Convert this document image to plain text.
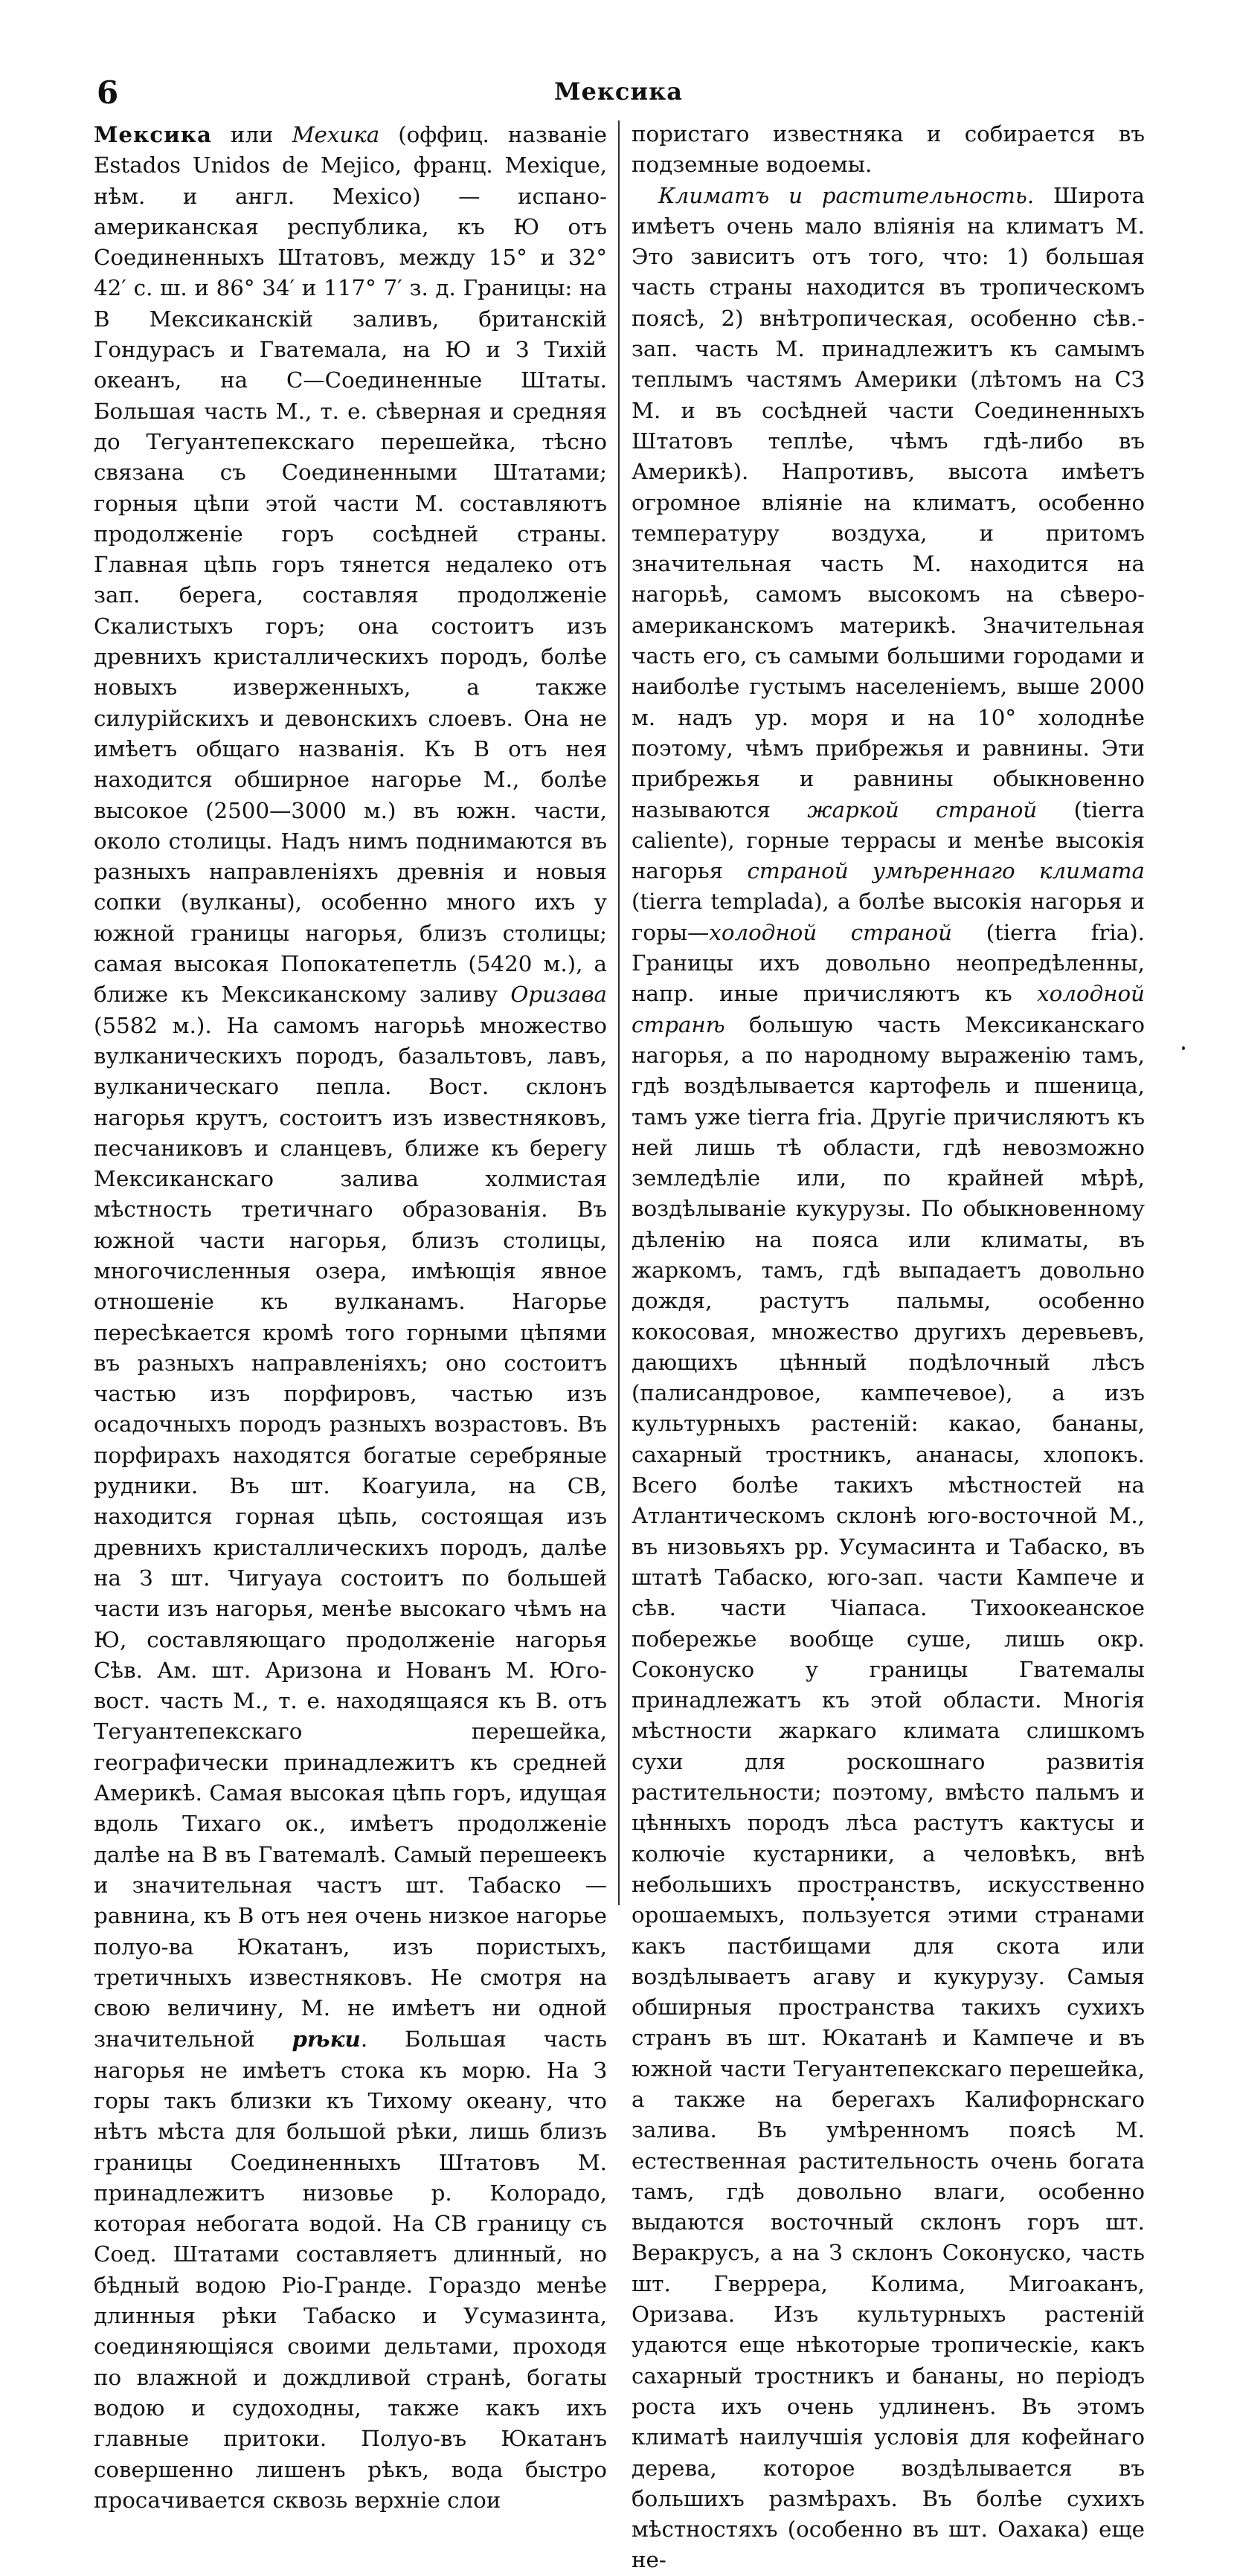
6	Мексика

Мексика или Мехика (оффиц. названіе Estados Unidos de Mejico, франц. Mexique, нѣм. и англ. Mexico) — испано-американская республика, къ Ю отъ Соединенныхъ Штатовъ, между 15° и 32° 42′ с. ш. и 86° 34′ и 117° 7′ з. д. Границы: на В Мексиканскій заливъ, британскій Гондурасъ и Гватемала, на Ю и З Тихій океанъ, на С—Соединенные Штаты. Большая часть М., т. е. сѣверная и средняя до Тегуантепекскаго перешейка, тѣсно связана съ Соединенными Штатами; горныя цѣпи этой части М. составляютъ продолженіе горъ сосѣдней страны. Главная цѣпь горъ тянется недалеко отъ зап. берега, составляя продолженіе Скалистыхъ горъ; она состоитъ изъ древнихъ кристаллическихъ породъ, болѣе новыхъ изверженныхъ, а также силурійскихъ и девонскихъ слоевъ. Она не имѣетъ общаго названія. Къ В отъ нея находится обширное нагорье М., болѣе высокое (2500—3000 м.) въ южн. части, около столицы. Надъ нимъ поднимаются въ разныхъ направленіяхъ древнія и новыя сопки (вулканы), особенно много ихъ у южной границы нагорья, близъ столицы; самая высокая Попокатепетль (5420 м.), а ближе къ Мексиканскому заливу Оризава (5582 м.). На самомъ нагорьѣ множество вулканическихъ породъ, базальтовъ, лавъ, вулканическаго пепла. Вост. склонъ нагорья крутъ, состоитъ изъ известняковъ, песчаниковъ и сланцевъ, ближе къ берегу Мексиканскаго залива холмистая мѣстность третичнаго образованія. Въ южной части нагорья, близъ столицы, многочисленныя озера, имѣющія явное отношеніе къ вулканамъ. Нагорье пересѣкается кромѣ того горными цѣпями въ разныхъ направленіяхъ; оно состоитъ частью изъ порфировъ, частью изъ осадочныхъ породъ разныхъ возрастовъ. Въ порфирахъ находятся богатые серебряные рудники. Въ шт. Коагуила, на СВ, находится горная цѣпь, состоящая изъ древнихъ кристаллическихъ породъ, далѣе на З шт. Чигуауа состоитъ по большей части изъ нагорья, менѣе высокаго чѣмъ на Ю, составляющаго продолженіе нагорья Сѣв. Ам. шт. Аризона и Нованъ М. Юго-вост. часть М., т. е. находящаяся къ В. отъ Тегуантепекскаго перешейка, географически принадлежитъ къ средней Америкѣ. Самая высокая цѣпь горъ, идущая вдоль Тихаго ок., имѣетъ продолженіе далѣе на В въ Гватемалѣ. Самый перешеекъ и значительная частъ шт. Табаско — равнина, къ В отъ нея очень низкое нагорье полуо-ва Юкатанъ, изъ пористыхъ, третичныхъ известняковъ. Не смотря на свою величину, М. не имѣетъ ни одной значительной рѣки. Большая часть нагорья не имѣетъ стока къ морю. На З горы такъ близки къ Тихому океану, что нѣтъ мѣста для большой рѣки, лишь близъ границы Соединенныхъ Штатовъ М. принадлежитъ низовье р. Колорадо, которая небогата водой. На СВ границу съ Соед. Штатами составляетъ длинный, но бѣдный водою Ріо-Гранде. Гораздо менѣе длинныя рѣки Табаско и Усумазинта, соединяющіяся своими дельтами, проходя по влажной и дождливой странѣ, богаты водою и судоходны, также какъ ихъ главные притоки. Полуо-въ Юкатанъ совершенно лишенъ рѣкъ, вода быстро просачивается сквозь верхніе слои

пористаго известняка и собирается въ подземные водоемы.

Климатъ и растительность. Широта имѣетъ очень мало вліянія на климатъ М. Это зависитъ отъ того, что: 1) большая часть страны находится въ тропическомъ поясѣ, 2) внѣтропическая, особенно сѣв.-зап. часть М. принадлежитъ къ самымъ теплымъ частямъ Америки (лѣтомъ на СЗ М. и въ сосѣдней части Соединенныхъ Штатовъ теплѣе, чѣмъ гдѣ-либо въ Америкѣ). Напротивъ, высота имѣетъ огромное вліяніе на климатъ, особенно температуру воздуха, и притомъ значительная часть М. находится на нагорьѣ, самомъ высокомъ на сѣверо-американскомъ материкѣ. Значительная часть его, съ самыми большими городами и наиболѣе густымъ населеніемъ, выше 2000 м. надъ ур. моря и на 10° холоднѣе поэтому, чѣмъ прибрежья и равнины. Эти прибрежья и равнины обыкновенно называются жаркой страной (tierra caliente), горные террасы и менѣе высокія нагорья страной умѣреннаго климата (tierra templada), а болѣе высокія нагорья и горы—холодной страной (tierra fria). Границы ихъ довольно неопредѣленны, напр. иные причисляютъ къ холодной странѣ большую часть Мексиканскаго нагорья, а по народному выраженію тамъ, гдѣ воздѣлывается картофель и пшеница, тамъ уже tierra fria. Другіе причисляютъ къ ней лишь тѣ области, гдѣ невозможно земледѣліе или, по крайней мѣрѣ, воздѣлываніе кукурузы. По обыкновенному дѣленію на пояса или климаты, въ жаркомъ, тамъ, гдѣ выпадаетъ довольно дождя, растутъ пальмы, особенно кокосовая, множество другихъ деревьевъ, дающихъ цѣнный подѣлочный лѣсъ (палисандровое, кампечевое), а изъ культурныхъ растеній: какао, бананы, сахарный тростникъ, ананасы, хлопокъ. Всего болѣе такихъ мѣстностей на Атлантическомъ склонѣ юго-восточной М., въ низовьяхъ рр. Усумасинта и Табаско, въ штатѣ Табаско, юго-зап. части Кампече и сѣв. части Чіапаса. Тихоокеанское побережье вообще суше, лишь окр. Соконуско у границы Гватемалы принадлежатъ къ этой области. Многія мѣстности жаркаго климата слишкомъ сухи для роскошнаго развитія растительности; поэтому, вмѣсто пальмъ и цѣнныхъ породъ лѣса растутъ кактусы и колючіе кустарники, а человѣкъ, внѣ небольшихъ пространствъ, искусственно орошаемыхъ, пользуется этими странами какъ пастбищами для скота или воздѣлываетъ агаву и кукурузу. Самыя обширныя пространства такихъ сухихъ странъ въ шт. Юкатанѣ и Кампече и въ южной части Тегуантепекскаго перешейка, а также на берегахъ Калифорнскаго залива. Въ умѣренномъ поясѣ М. естественная растительность очень богата тамъ, гдѣ довольно влаги, особенно выдаются восточный склонъ горъ шт. Веракрусъ, а на З склонъ Соконуско, часть шт. Гверрера, Колима, Мигоаканъ, Оризава. Изъ культурныхъ растеній удаются еще нѣкоторые тропическіе, какъ сахарный тростникъ и бананы, но періодъ роста ихъ очень удлиненъ. Въ этомъ климатѣ наилучшія условія для кофейнаго дерева, которое воздѣлывается въ большихъ размѣрахъ. Въ болѣе сухихъ мѣстностяхъ (особенно въ шт. Оахака) еще не-
